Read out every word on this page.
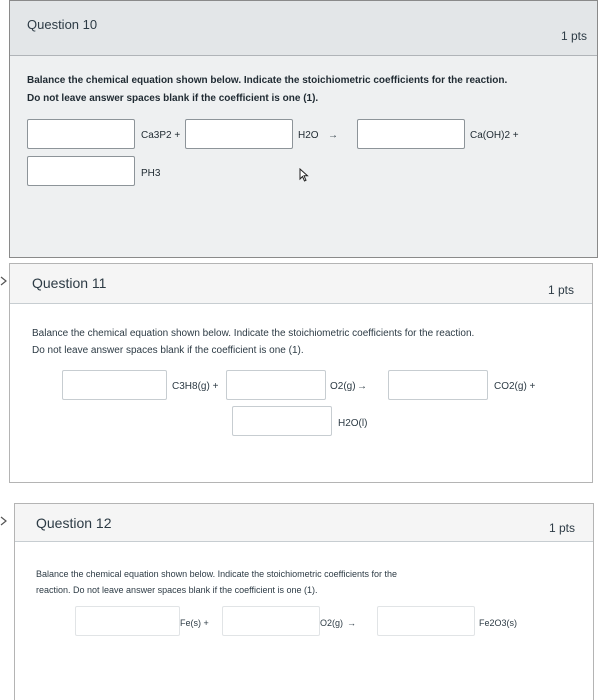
Question 10
1 pts
Balance the chemical equation shown below. Indicate the stoichiometric coefficients for the reaction.
Do not leave answer spaces blank if the coefficient is one (1).
Ca3P2 +	H2O →	Ca(OH)2 +
PH3
Question 11	1 pts
Balance the chemical equation shown below. Indicate the stoichiometric coefficients for the reaction.
Do not leave answer spaces blank if the coefficient is one (1).
C3H8(g) +	O2(g) →	CO2(g) +
H2O(l)
Question 12	1 pts
Balance the chemical equation shown below. Indicate the stoichiometric coefficients for the
reaction. Do not leave answer spaces blank if the coefficient is one (1).
Fe(s) +	O2(g) →	Fe2O3(s)
